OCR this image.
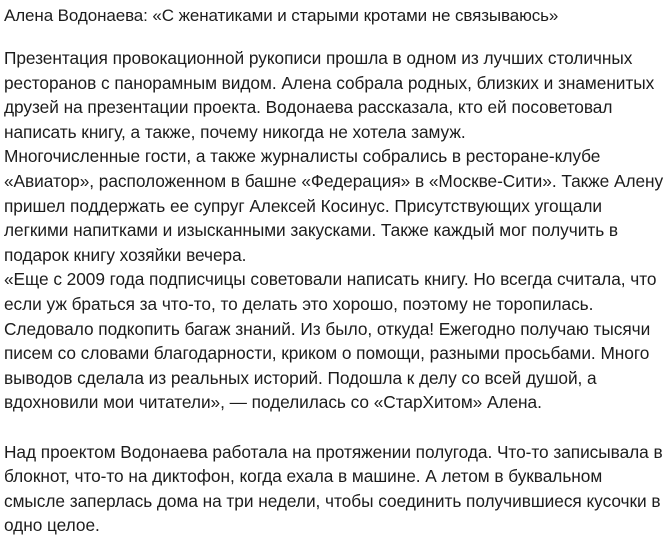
Алена Водонаева: «С женатиками и старыми кротами не связываюсь»

Презентация провокационной рукописи прошла в одном из лучших столичных
ресторанов с панорамным видом. Алена собрала родных, близких и знаменитых
друзей на презентации проекта. Водонаева рассказала, кто ей посоветовал
написать книгу, а также, почему никогда не хотела замуж.

Многочисленные гости, а также журналисты собрались в ресторане-клубе
«Авиатор», расположенном в башне «Федерация» в «Москве-Сити». Также Алену
пришел поддержать ее супруг Алексей Косинус. Присутствующих угощали
легкими напитками и изысканными закусками. Также каждый мог получить в
подарок книгу хозяйки вечера.

«Еще с 2009 года подписчицы советовали написать книгу. Но всегда считала, что
если уж браться за что-то, то делать это хорошо, поэтому не торопилась.
Следовало подкопить багаж знаний. Из было, откуда! Ежегодно получаю тысячи
писем со словами благодарности, криком о помощи, разными просьбами. Много
выводов сделала из реальных историй. Подошла к делу со всей душой, а
вдохновили мои читатели», — поделилась со «СтарХитом» Алена.

Над проектом Водонаева работала на протяжении полугода. Что-то записывала в
блокнот, что-то на диктофон, когда ехала в машине. А летом в буквальном
смысле заперлась дома на три недели, чтобы соединить получившиеся кусочки в
одно целое.
